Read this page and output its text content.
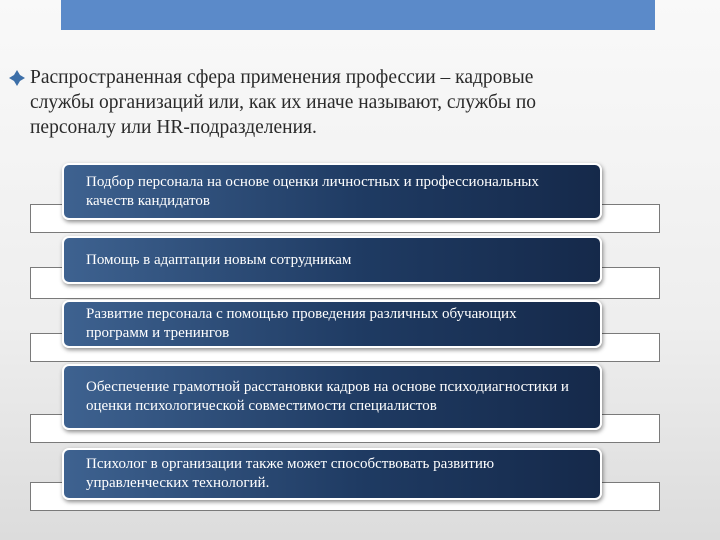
Распространенная сфера применения профессии – кадровые
службы организаций или, как их иначе называют, службы по
персоналу или HR-подразделения.
Подбор персонала на основе оценки личностных и профессиональных качеств кандидатов
Помощь в адаптации новым сотрудникам
Развитие персонала с помощью проведения различных обучающих программ и тренингов
Обеспечение грамотной расстановки кадров на основе психодиагностики и оценки психологической совместимости специалистов
Психолог в организации также может способствовать развитию управленческих технологий.
